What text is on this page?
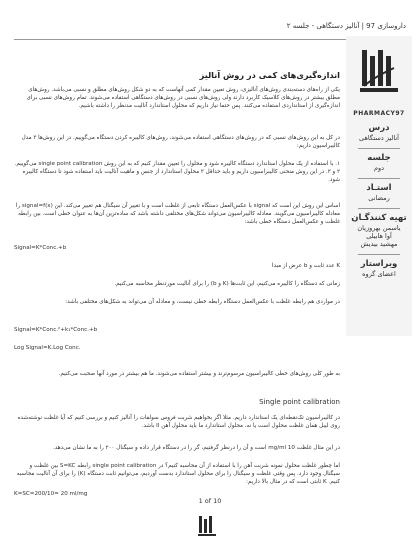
داروسازی 97 | آنالیز دستگاهی - جلسه ۲
PHARMACY97
درس
آنالیز دستگاهی
جلسه
دوم
استـاد
رمضانی
تهیه کنندگـان
یاسمن بهروزیان
آوا هابیلی
مهشید بیدیش
ویراستار
اعضای گروه
اندازه‌گیری‌های کمی در روش آنالیز

یکی از راه‌های دسته‌بندی روش‌های آنالیزی، روش تعیین مقدار کمی آنهاست که به دو شکل روش‌های مطلق و نسبی می‌باشد. روش‌های مطلق بیشتر در روش‌های کلاسیک کاربرد دارند ولی روش‌های نسبی در روش‌های دستگاهی استفاده می‌شوند. تمام روش‌های نسبی برای اندازه‌گیری از استانداردی استفاده می‌کنند. پس حتما نیاز داریم که محلول استاندارد آنالیت مدنظر را داشته باشیم.

در کل به این روش‌های نسبی که در روش‌های دستگاهی استفاده می‌شوند، روش‌های کالیبره کردن دستگاه می‌گوییم. در این روش‌ها ۳ مدل کالیبراسیون داریم:

۱. با استفاده از یک محلول استاندارد دستگاه کالیبره شود و محلول را تعیین مقدار کنیم که به این روش single point calibration می‌گوییم. ۲ و ۳. در این روش منحنی کالیبراسیون داریم و باید حداقل ۳ محلول استاندارد از جنس و ماهیت آنالیت باید استفاده شود تا دستگاه کالیبره شود.

اساس این روش این است که signal با عکس‌العمل دستگاه تابعی از غلظت است و با تغییر آن سیگنال هم تغییر می‌کند. این signal=f(x) را معادله کالیبراسیون می‌گویند. معادله کالیبراسیون می‌تواند شکل‌های مختلفی داشته باشد که ساده‌ترین آن‌ها به عنوان خطی است. بین رابطه غلظت و عکس‌العمل دستگاه خطی باشد:

Signal=K*Conc.+b

K عدد ثابت و b عرض از مبدا

زمانی که دستگاه را کالیبره می‌کنیم، این ثابت‌ها (K و b) را برای آنالیت موردنظر محاسبه می‌کنیم.

در مواردی هم رابطه غلظت با عکس‌العمل دستگاه رابطه خطی نیست، و معادله آن می‌تواند به شکل‌های مختلفی باشد:

Signal=K*Conc.²+k₁*Conc.+b

Log Signal=K.Log Conc.

به طور کلی روش‌های خطی کالیبراسیون مرسوم‌ترند و بیشتر استفاده می‌شوند. ما هم بیشتر در مورد آنها صحبت می‌کنیم.

Single point calibration

در کالیبراسیون تک‌نقطه‌ای یک استاندارد داریم. مثلا اگر بخواهیم شربت فروس سولفات را آنالیز کنیم و بررسی کنیم که آیا غلظت نوشته‌شده روی لیبل همان غلظت محلول است یا نه، محلول استاندارد ما باید محلول آهن II باشد.

در این مثال غلظت 10 mg/ml است و آن را درنظر گرفتیم، گر را در دستگاه قرار داده و سیگنال ۲۰۰ را به ما نشان می‌دهد.

اما چطور غلظت محلول نمونه شربت آهن را با استفاده از آن محاسبه کنیم؟ در single point calibration رابطه S=KC بین غلظت و سیگنال وجود دارد. پس وقتی غلظت و سیگنال را برای محلول استاندارد بدست آوردیم، می‌توانیم ثابت دستگاه (K) را برای آن آنالیت محاسبه کنیم. K ثابتی است که در مثال بالا داریم:

K=SC=200/10= 20 ml/mg

1 of 10
